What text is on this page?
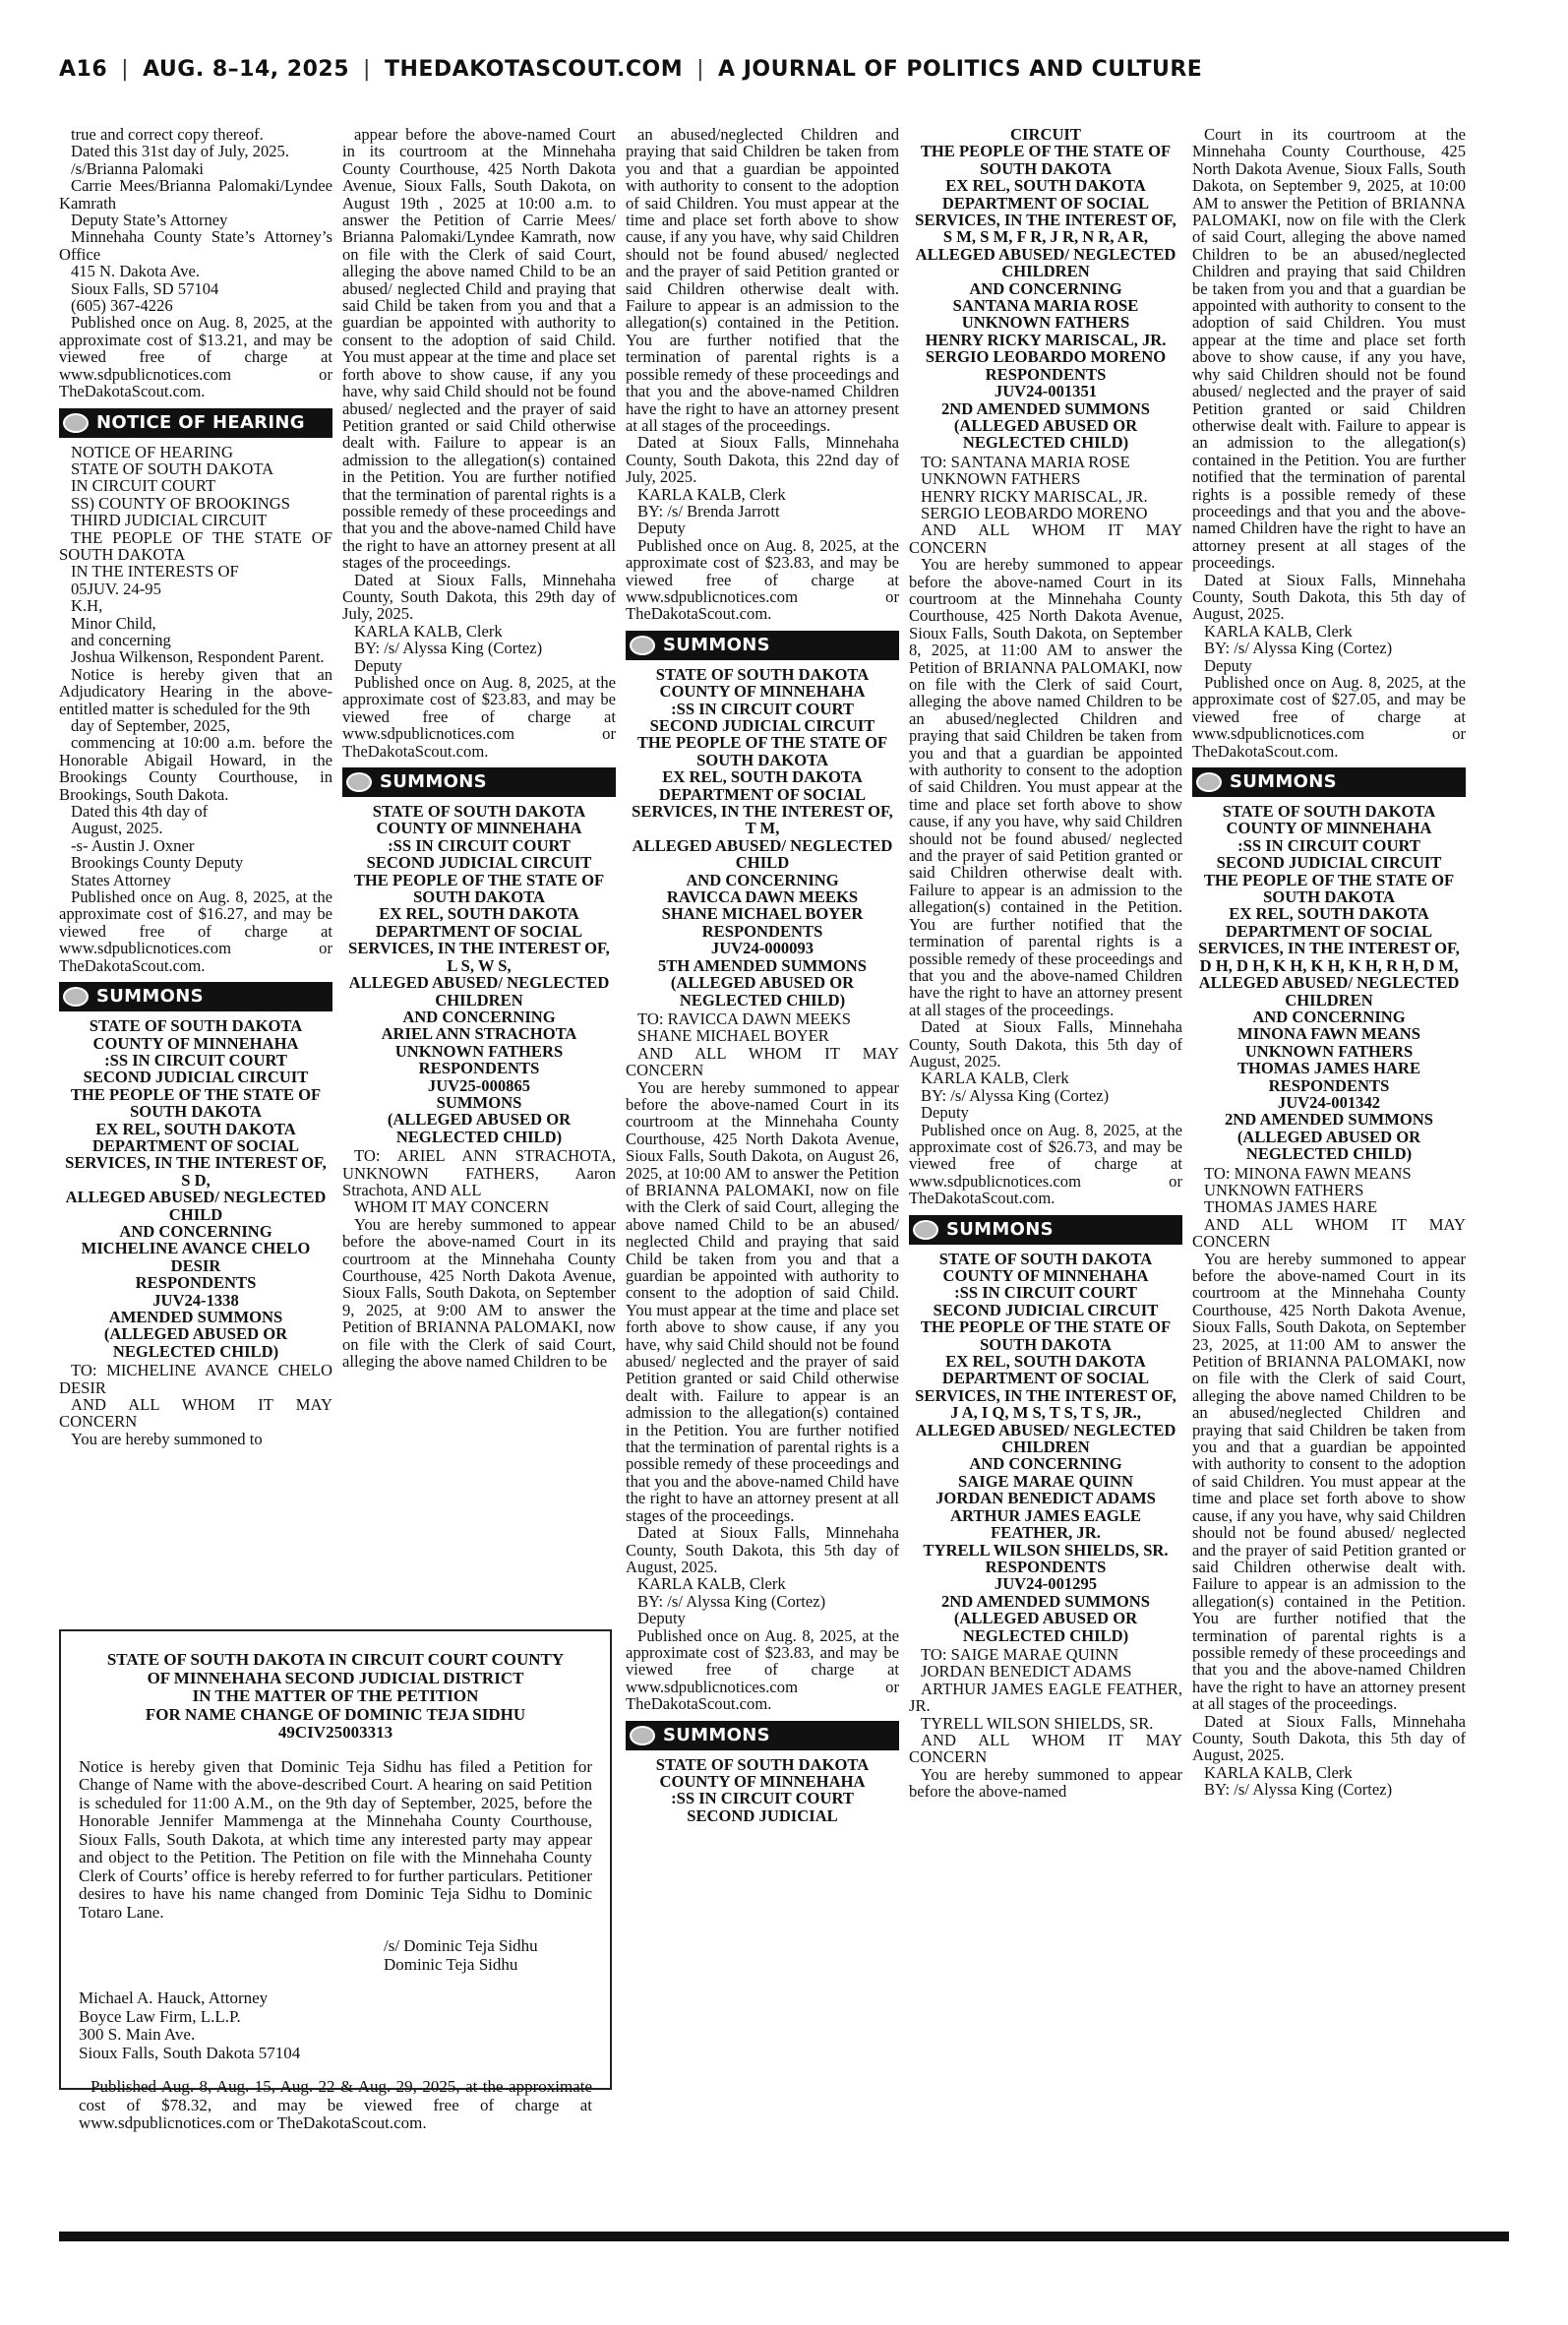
A16 | AUG. 8–14, 2025 | THEDAKOTASCOUT.COM | A JOURNAL OF POLITICS AND CULTURE

true and correct copy thereof.

Dated this 31st day of July, 2025.

/s/Brianna Palomaki

Carrie Mees/Brianna Palomaki/Lyndee Kamrath

Deputy State’s Attorney

Minnehaha County State’s Attorney’s Office

415 N. Dakota Ave.

Sioux Falls, SD 57104

(605) 367-4226

Published once on Aug. 8, 2025, at the approximate cost of $13.21, and may be viewed free of charge at www.sdpublicnotices.com or TheDakotaScout.com.

NOTICE OF HEARING

NOTICE OF HEARING

STATE OF SOUTH DAKOTA

IN CIRCUIT COURT

SS) COUNTY OF BROOKINGS

THIRD JUDICIAL CIRCUIT

THE PEOPLE OF THE STATE OF SOUTH DAKOTA

IN THE INTERESTS OF

05JUV. 24-95

K.H,

Minor Child,

and concerning

Joshua Wilkenson, Respondent Parent.

Notice is hereby given that an Adjudicatory Hearing in the above-entitled matter is scheduled for the 9th

day of September, 2025,

commencing at 10:00 a.m. before the Honorable Abigail Howard, in the Brookings County Courthouse, in Brookings, South Dakota.

Dated this 4th day of

August, 2025.

-s- Austin J. Oxner

Brookings County Deputy

States Attorney

Published once on Aug. 8, 2025, at the approximate cost of $16.27, and may be viewed free of charge at www.sdpublicnotices.com or TheDakotaScout.com.

SUMMONS

STATE OF SOUTH DAKOTA

COUNTY OF MINNEHAHA

:SS IN CIRCUIT COURT

SECOND JUDICIAL CIRCUIT

THE PEOPLE OF THE STATE OF SOUTH DAKOTA

EX REL, SOUTH DAKOTA DEPARTMENT OF SOCIAL SERVICES, IN THE INTEREST OF,

S D,

ALLEGED ABUSED/ NEGLECTED CHILD

AND CONCERNING

MICHELINE AVANCE CHELO DESIR

RESPONDENTS

JUV24-1338

AMENDED SUMMONS

(ALLEGED ABUSED OR NEGLECTED CHILD)

TO: MICHELINE AVANCE CHELO DESIR

AND ALL WHOM IT MAY CONCERN

You are hereby summoned to

appear before the above-named Court in its courtroom at the Minnehaha County Courthouse, 425 North Dakota Avenue, Sioux Falls, South Dakota, on August 19th , 2025 at 10:00 a.m. to answer the Petition of Carrie Mees/ Brianna Palomaki/Lyndee Kamrath, now on file with the Clerk of said Court, alleging the above named Child to be an abused/ neglected Child and praying that said Child be taken from you and that a guardian be appointed with authority to consent to the adoption of said Child. You must appear at the time and place set forth above to show cause, if any you have, why said Child should not be found abused/ neglected and the prayer of said Petition granted or said Child otherwise dealt with. Failure to appear is an admission to the allegation(s) contained in the Petition. You are further notified that the termination of parental rights is a possible remedy of these proceedings and that you and the above-named Child have the right to have an attorney present at all stages of the proceedings.

Dated at Sioux Falls, Minnehaha County, South Dakota, this 29th day of July, 2025.

KARLA KALB, Clerk

BY: /s/ Alyssa King (Cortez)

Deputy

Published once on Aug. 8, 2025, at the approximate cost of $23.83, and may be viewed free of charge at www.sdpublicnotices.com or TheDakotaScout.com.

SUMMONS

STATE OF SOUTH DAKOTA

COUNTY OF MINNEHAHA

:SS IN CIRCUIT COURT

SECOND JUDICIAL CIRCUIT

THE PEOPLE OF THE STATE OF SOUTH DAKOTA

EX REL, SOUTH DAKOTA DEPARTMENT OF SOCIAL SERVICES, IN THE INTEREST OF,

L S, W S,

ALLEGED ABUSED/ NEGLECTED CHILDREN

AND CONCERNING

ARIEL ANN STRACHOTA

UNKNOWN FATHERS

RESPONDENTS

JUV25-000865

SUMMONS

(ALLEGED ABUSED OR NEGLECTED CHILD)

TO: ARIEL ANN STRACHOTA, UNKNOWN FATHERS, Aaron Strachota, AND ALL

WHOM IT MAY CONCERN

You are hereby summoned to appear before the above-named Court in its courtroom at the Minnehaha County Courthouse, 425 North Dakota Avenue, Sioux Falls, South Dakota, on September 9, 2025, at 9:00 AM to answer the Petition of BRIANNA PALOMAKI, now on file with the Clerk of said Court, alleging the above named Children to be

STATE OF SOUTH DAKOTA IN CIRCUIT COURT COUNTY

OF MINNEHAHA SECOND JUDICIAL DISTRICT

IN THE MATTER OF THE PETITION

FOR NAME CHANGE OF DOMINIC TEJA SIDHU

49CIV25003313

Notice is hereby given that Dominic Teja Sidhu has filed a Petition for Change of Name with the above-described Court. A hearing on said Petition is scheduled for 11:00 A.M., on the 9th day of September, 2025, before the Honorable Jennifer Mammenga at the Minnehaha County Courthouse, Sioux Falls, South Dakota, at which time any interested party may appear and object to the Petition. The Petition on file with the Minnehaha County Clerk of Courts’ office is hereby referred to for further particulars. Petitioner desires to have his name changed from Dominic Teja Sidhu to Dominic Totaro Lane.

/s/ Dominic Teja Sidhu

Dominic Teja Sidhu

Michael A. Hauck, Attorney

Boyce Law Firm, L.L.P.

300 S. Main Ave.

Sioux Falls, South Dakota 57104

Published Aug. 8, Aug. 15, Aug. 22 & Aug. 29, 2025, at the approximate cost of $78.32, and may be viewed free of charge at www.sdpublicnotices.com or TheDakotaScout.com.

an abused/neglected Children and praying that said Children be taken from you and that a guardian be appointed with authority to consent to the adoption of said Children. You must appear at the time and place set forth above to show cause, if any you have, why said Children should not be found abused/ neglected and the prayer of said Petition granted or said Children otherwise dealt with. Failure to appear is an admission to the allegation(s) contained in the Petition. You are further notified that the termination of parental rights is a possible remedy of these proceedings and that you and the above-named Children have the right to have an attorney present at all stages of the proceedings.

Dated at Sioux Falls, Minnehaha County, South Dakota, this 22nd day of July, 2025.

KARLA KALB, Clerk

BY: /s/ Brenda Jarrott

Deputy

Published once on Aug. 8, 2025, at the approximate cost of $23.83, and may be viewed free of charge at www.sdpublicnotices.com or TheDakotaScout.com.

SUMMONS

STATE OF SOUTH DAKOTA

COUNTY OF MINNEHAHA

:SS IN CIRCUIT COURT

SECOND JUDICIAL CIRCUIT

THE PEOPLE OF THE STATE OF SOUTH DAKOTA

EX REL, SOUTH DAKOTA DEPARTMENT OF SOCIAL SERVICES, IN THE INTEREST OF,

T M,

ALLEGED ABUSED/ NEGLECTED CHILD

AND CONCERNING

RAVICCA DAWN MEEKS

SHANE MICHAEL BOYER

RESPONDENTS

JUV24-000093

5TH AMENDED SUMMONS

(ALLEGED ABUSED OR NEGLECTED CHILD)

TO: RAVICCA DAWN MEEKS

SHANE MICHAEL BOYER

AND ALL WHOM IT MAY CONCERN

You are hereby summoned to appear before the above-named Court in its courtroom at the Minnehaha County Courthouse, 425 North Dakota Avenue, Sioux Falls, South Dakota, on August 26, 2025, at 10:00 AM to answer the Petition of BRIANNA PALOMAKI, now on file with the Clerk of said Court, alleging the above named Child to be an abused/ neglected Child and praying that said Child be taken from you and that a guardian be appointed with authority to consent to the adoption of said Child. You must appear at the time and place set forth above to show cause, if any you have, why said Child should not be found abused/ neglected and the prayer of said Petition granted or said Child otherwise dealt with. Failure to appear is an admission to the allegation(s) contained in the Petition. You are further notified that the termination of parental rights is a possible remedy of these proceedings and that you and the above-named Child have the right to have an attorney present at all stages of the proceedings.

Dated at Sioux Falls, Minnehaha County, South Dakota, this 5th day of August, 2025.

KARLA KALB, Clerk

BY: /s/ Alyssa King (Cortez)

Deputy

Published once on Aug. 8, 2025, at the approximate cost of $23.83, and may be viewed free of charge at www.sdpublicnotices.com or TheDakotaScout.com.

SUMMONS

STATE OF SOUTH DAKOTA

COUNTY OF MINNEHAHA

:SS IN CIRCUIT COURT

SECOND JUDICIAL

CIRCUIT

THE PEOPLE OF THE STATE OF SOUTH DAKOTA

EX REL, SOUTH DAKOTA DEPARTMENT OF SOCIAL SERVICES, IN THE INTEREST OF,

S M, S M, F R, J R, N R, A R,

ALLEGED ABUSED/ NEGLECTED CHILDREN

AND CONCERNING

SANTANA MARIA ROSE

UNKNOWN FATHERS

HENRY RICKY MARISCAL, JR.

SERGIO LEOBARDO MORENO

RESPONDENTS

JUV24-001351

2ND AMENDED SUMMONS

(ALLEGED ABUSED OR NEGLECTED CHILD)

TO: SANTANA MARIA ROSE

UNKNOWN FATHERS

HENRY RICKY MARISCAL, JR.

SERGIO LEOBARDO MORENO

AND ALL WHOM IT MAY CONCERN

You are hereby summoned to appear before the above-named Court in its courtroom at the Minnehaha County Courthouse, 425 North Dakota Avenue, Sioux Falls, South Dakota, on September 8, 2025, at 11:00 AM to answer the Petition of BRIANNA PALOMAKI, now on file with the Clerk of said Court, alleging the above named Children to be an abused/neglected Children and praying that said Children be taken from you and that a guardian be appointed with authority to consent to the adoption of said Children. You must appear at the time and place set forth above to show cause, if any you have, why said Children should not be found abused/ neglected and the prayer of said Petition granted or said Children otherwise dealt with. Failure to appear is an admission to the allegation(s) contained in the Petition. You are further notified that the termination of parental rights is a possible remedy of these proceedings and that you and the above-named Children have the right to have an attorney present at all stages of the proceedings.

Dated at Sioux Falls, Minnehaha County, South Dakota, this 5th day of August, 2025.

KARLA KALB, Clerk

BY: /s/ Alyssa King (Cortez)

Deputy

Published once on Aug. 8, 2025, at the approximate cost of $26.73, and may be viewed free of charge at www.sdpublicnotices.com or TheDakotaScout.com.

SUMMONS

STATE OF SOUTH DAKOTA

COUNTY OF MINNEHAHA

:SS IN CIRCUIT COURT

SECOND JUDICIAL CIRCUIT

THE PEOPLE OF THE STATE OF SOUTH DAKOTA

EX REL, SOUTH DAKOTA DEPARTMENT OF SOCIAL SERVICES, IN THE INTEREST OF,

J A, I Q, M S, T S, T S, JR.,

ALLEGED ABUSED/ NEGLECTED CHILDREN

AND CONCERNING

SAIGE MARAE QUINN

JORDAN BENEDICT ADAMS

ARTHUR JAMES EAGLE FEATHER, JR.

TYRELL WILSON SHIELDS, SR.

RESPONDENTS

JUV24-001295

2ND AMENDED SUMMONS

(ALLEGED ABUSED OR NEGLECTED CHILD)

TO: SAIGE MARAE QUINN

JORDAN BENEDICT ADAMS

ARTHUR JAMES EAGLE FEATHER, JR.

TYRELL WILSON SHIELDS, SR.

AND ALL WHOM IT MAY CONCERN

You are hereby summoned to appear before the above-named

Court in its courtroom at the Minnehaha County Courthouse, 425 North Dakota Avenue, Sioux Falls, South Dakota, on September 9, 2025, at 10:00 AM to answer the Petition of BRIANNA PALOMAKI, now on file with the Clerk of said Court, alleging the above named Children to be an abused/neglected Children and praying that said Children be taken from you and that a guardian be appointed with authority to consent to the adoption of said Children. You must appear at the time and place set forth above to show cause, if any you have, why said Children should not be found abused/ neglected and the prayer of said Petition granted or said Children otherwise dealt with. Failure to appear is an admission to the allegation(s) contained in the Petition. You are further notified that the termination of parental rights is a possible remedy of these proceedings and that you and the above-named Children have the right to have an attorney present at all stages of the proceedings.

Dated at Sioux Falls, Minnehaha County, South Dakota, this 5th day of August, 2025.

KARLA KALB, Clerk

BY: /s/ Alyssa King (Cortez)

Deputy

Published once on Aug. 8, 2025, at the approximate cost of $27.05, and may be viewed free of charge at www.sdpublicnotices.com or TheDakotaScout.com.

SUMMONS

STATE OF SOUTH DAKOTA

COUNTY OF MINNEHAHA

:SS IN CIRCUIT COURT

SECOND JUDICIAL CIRCUIT

THE PEOPLE OF THE STATE OF SOUTH DAKOTA

EX REL, SOUTH DAKOTA DEPARTMENT OF SOCIAL SERVICES, IN THE INTEREST OF,

D H, D H, K H, K H, K H, R H, D M,

ALLEGED ABUSED/ NEGLECTED CHILDREN

AND CONCERNING

MINONA FAWN MEANS

UNKNOWN FATHERS

THOMAS JAMES HARE

RESPONDENTS

JUV24-001342

2ND AMENDED SUMMONS

(ALLEGED ABUSED OR NEGLECTED CHILD)

TO: MINONA FAWN MEANS

UNKNOWN FATHERS

THOMAS JAMES HARE

AND ALL WHOM IT MAY CONCERN

You are hereby summoned to appear before the above-named Court in its courtroom at the Minnehaha County Courthouse, 425 North Dakota Avenue, Sioux Falls, South Dakota, on September 23, 2025, at 11:00 AM to answer the Petition of BRIANNA PALOMAKI, now on file with the Clerk of said Court, alleging the above named Children to be an abused/neglected Children and praying that said Children be taken from you and that a guardian be appointed with authority to consent to the adoption of said Children. You must appear at the time and place set forth above to show cause, if any you have, why said Children should not be found abused/ neglected and the prayer of said Petition granted or said Children otherwise dealt with. Failure to appear is an admission to the allegation(s) contained in the Petition. You are further notified that the termination of parental rights is a possible remedy of these proceedings and that you and the above-named Children have the right to have an attorney present at all stages of the proceedings.

Dated at Sioux Falls, Minnehaha County, South Dakota, this 5th day of August, 2025.

KARLA KALB, Clerk

BY: /s/ Alyssa King (Cortez)
